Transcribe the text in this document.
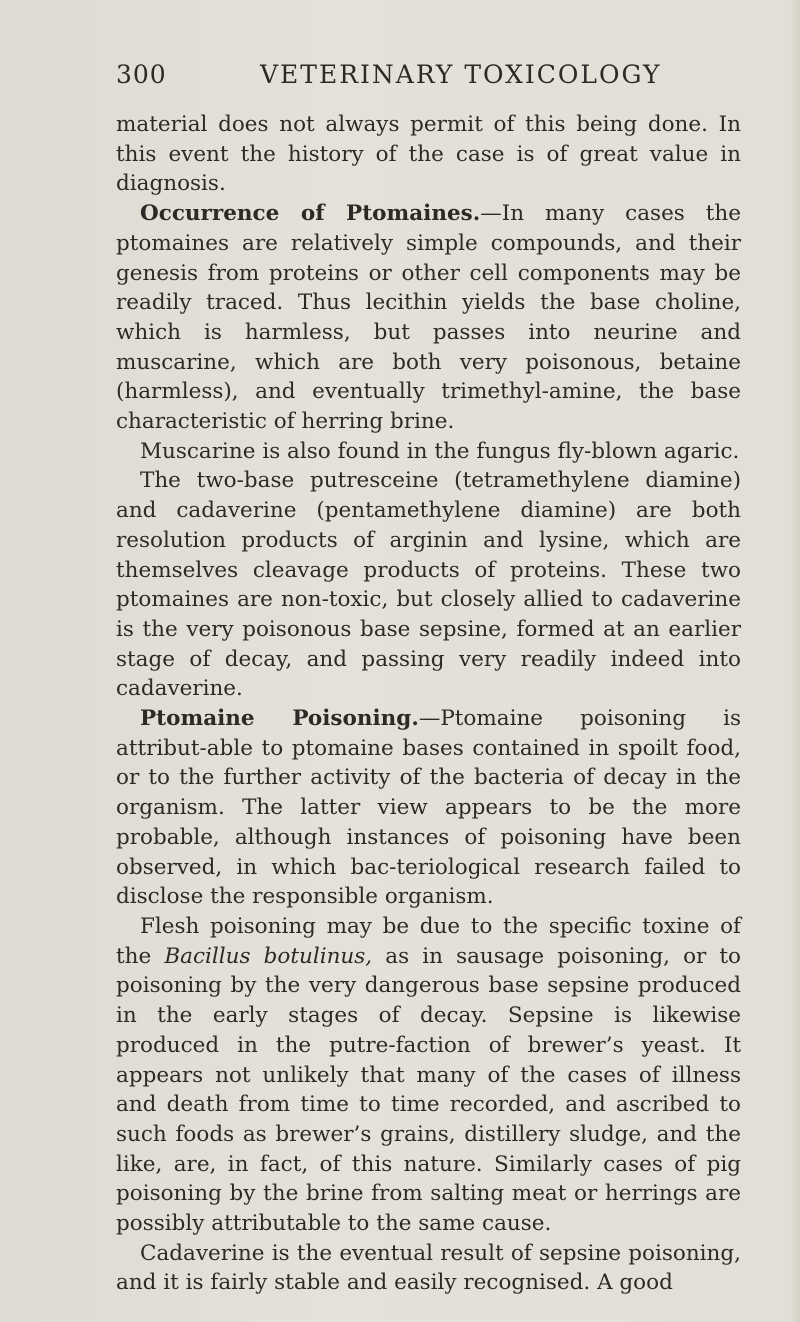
300	VETERINARY TOXICOLOGY

material does not always permit of this being done. In this event the history of the case is of great value in diagnosis.

Occurrence of Ptomaines.—In many cases the ptomaines are relatively simple compounds, and their genesis from proteins or other cell components may be readily traced. Thus lecithin yields the base choline, which is harmless, but passes into neurine and muscarine, which are both very poisonous, betaine (harmless), and eventually trimethyl-amine, the base characteristic of herring brine.

Muscarine is also found in the fungus fly-blown agaric.

The two-base putresceine (tetramethylene diamine) and cadaverine (pentamethylene diamine) are both resolution products of arginin and lysine, which are themselves cleavage products of proteins. These two ptomaines are non-toxic, but closely allied to cadaverine is the very poisonous base sepsine, formed at an earlier stage of decay, and passing very readily indeed into cadaverine.

Ptomaine Poisoning.—Ptomaine poisoning is attribut-able to ptomaine bases contained in spoilt food, or to the further activity of the bacteria of decay in the organism. The latter view appears to be the more probable, although instances of poisoning have been observed, in which bac-teriological research failed to disclose the responsible organism.

Flesh poisoning may be due to the specific toxine of the Bacillus botulinus, as in sausage poisoning, or to poisoning by the very dangerous base sepsine produced in the early stages of decay. Sepsine is likewise produced in the putre-faction of brewer’s yeast. It appears not unlikely that many of the cases of illness and death from time to time recorded, and ascribed to such foods as brewer’s grains, distillery sludge, and the like, are, in fact, of this nature. Similarly cases of pig poisoning by the brine from salting meat or herrings are possibly attributable to the same cause.

Cadaverine is the eventual result of sepsine poisoning, and it is fairly stable and easily recognised. A good
